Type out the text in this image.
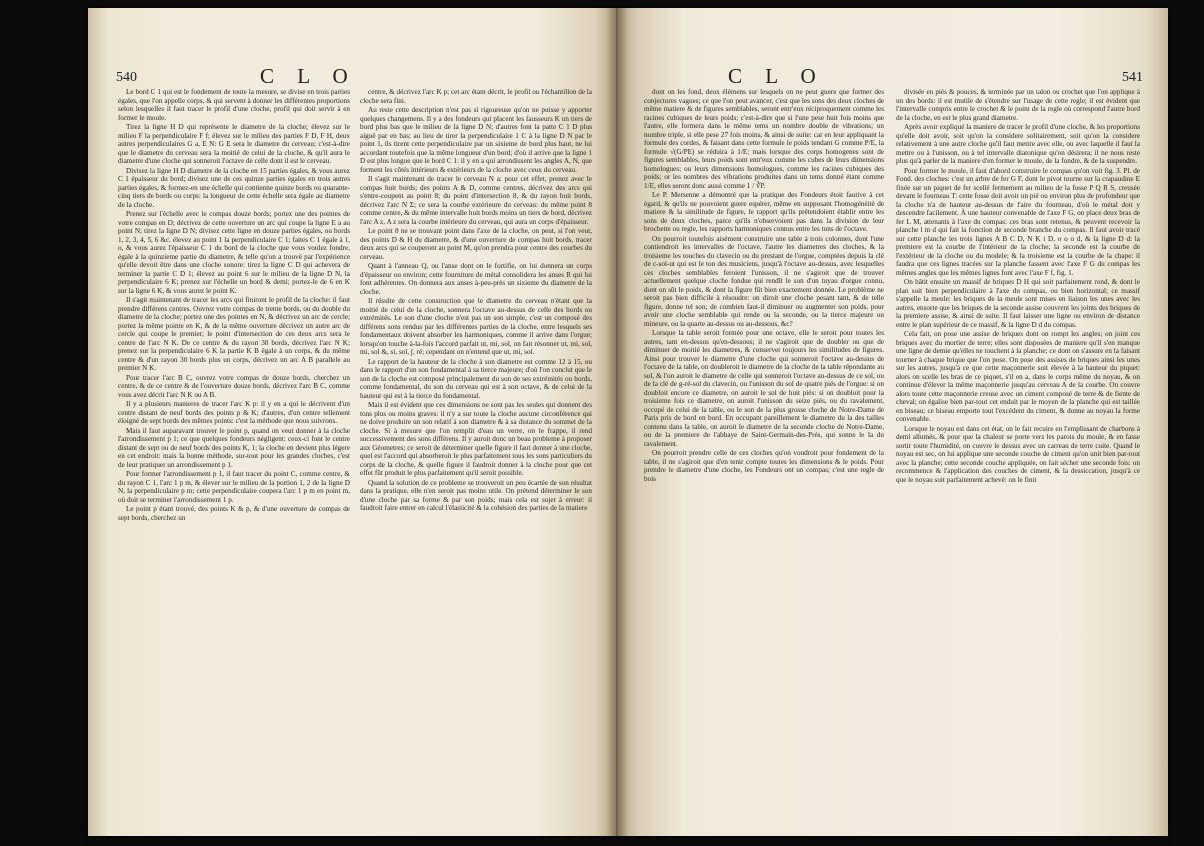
540	C L O

Le bord C 1 qui est le fondement de toute la mesure, se divise en trois parties égales, que l'on appelle corps, & qui servent à donner les différentes proportions selon lesquelles il faut tracer le profil d'une cloche, profil qui doit servir à en former le moule.

Tirez la ligne H D qui représente le diametre de la cloche; élevez sur le milieu F la perpendiculaire F f; élevez sur le milieu des parties F D, F H, deux autres perpendiculaires G a, E N: G E sera le diametre du cerveau; c'est-à-dire que le diametre du cerveau sera la moitié de celui de la cloche, & qu'il aura le diametre d'une cloche qui sonneroit l'octave de celle dont il est le cerveau.

Divisez la ligne H D diametre de la cloche en 15 parties égales, & vous aurez C 1 épaisseur du bord; divisez une de ces quinze parties égales en trois autres parties égales, & formez-en une échelle qui contienne quinze bords ou quarante-cinq tiers de bords ou corps: la longueur de cette échelle sera égale au diametre de la cloche.

Prenez sur l'échelle avec le compas douze bords; portez une des pointes de votre compas en D; décrivez de cette ouverture un arc qui coupe la ligne E a au point N; tirez la ligne D N; divisez cette ligne en douze parties égales, ou bords 1, 2, 3, 4, 5, 6 &c. élevez au point 1 la perpendiculaire C 1; faites C 1 égale à 1, o, & vous aurez l'épaisseur C 1 du bord de la cloche que vous voulez fondre, égale à la quinzieme partie du diametre, & telle qu'on a trouvé par l'expérience qu'elle devoit être dans une cloche sonore: tirez la ligne C D qui achevera de terminer la partie C D 1; élevez au point 6 sur le milieu de la ligne D N, la perpendiculaire 6 K; prenez sur l'échelle un bord & demi; portez-le de 6 en K sur la ligne 6 K, & vous aurez le point K.

Il s'agit maintenant de tracer les arcs qui finiront le profil de la cloche: il faut prendre différens centres. Ouvrez votre compas de trente bords, ou du double du diametre de la cloche; portez une des pointes en N, & décrivez un arc de cercle; portez la même pointe en K, & de la même ouverture décrivez un autre arc de cercle qui coupe le premier; le point d'intersection de ces deux arcs sera le centre de l'arc N K. De ce centre & du rayon 30 bords, décrivez l'arc N K; prenez sur la perpendiculaire 6 K la partie K B égale à un corps, & du même centre & d'un rayon 30 bords plus un corps, décrivez un arc A B parallele au premier N K.

Pour tracer l'arc B C, ouvrez votre compas de douze bords, cherchez un centre, & de ce centre & de l'ouverture douze bords, décrivez l'arc B C, comme vous avez décrit l'arc N K ou A B.

Il y a plusieurs manieres de tracer l'arc K p: il y en a qui le décrivent d'un centre distant de neuf bords des points p & K; d'autres, d'un centre tellement éloigné de sept bords des mêmes points: c'est la méthode que nous suivrons.

Mais il faut auparavant trouver le point p, quand on veut donner à la cloche l'arrondissement p 1; ce que quelques fondeurs négligent: ceux-ci font le centre distant de sept ou de neuf bords des points K, 1; la cloche en devient plus légere en cet endroit: mais la bonne méthode, sur-tout pour les grandes cloches, c'est de leur pratiquer un arrondissement p 1.

Pour former l'arrondissement p 1, il faut tracer du point C, comme centre, & du rayon C 1, l'arc 1 p m, & élever sur le milieu de la portion 1, 2 de la ligne D N, la perpendiculaire p m; cette perpendiculaire coupera l'arc 1 p m en point m, où doit se terminer l'arrondissement 1 p.

Le point p étant trouvé, des points K & p, & d'une ouverture de compas de sept bords, cherchez un

centre, & décrivez l'arc K p; cet arc étant décrit, le profil ou l'échantillon de la cloche sera fini.

Au reste cette description n'est pas si rigoureuse qu'on ne puisse y apporter quelques changemens. Il y a des fondeurs qui placent les fausseurs K un tiers de bord plus bas que le milieu de la ligne D N; d'autres font la patte C 1 D plus aiguë par en bas; au lieu de tirer la perpendiculaire 1 C à la ligne D N par le point 1, ils tirent cette perpendiculaire par un sixieme de bord plus haut, ne lui accordant toutefois que la même longueur d'un bord; d'où il arrive que la ligne 1 D est plus longue que le bord C 1: il y en a qui arrondissent les angles A, N, que forment les côtés intérieurs & extérieurs de la cloche avec ceux du cerveau.

Il s'agit maintenant de tracer le cerveau N a: pour cet effet, prenez avec le compas huit bords; des points A & D, comme centres, décrivez des arcs qui s'entre-coupent au point 8; du point d'intersection 8, & du rayon huit bords, décrivez l'arc N Σ; ce sera la courbe extérieure du cerveau: du même point 8 comme centre, & du même intervalle huit bords moins un tiers de bord, décrivez l'arc A z, A z sera la courbe intérieure du cerveau, qui aura un corps d'épaisseur.

Le point 8 ne se trouvant point dans l'axe de la cloche, on peut, si l'on veut, des points D & H du diametre, & d'une ouverture de compas huit bords, tracer deux arcs qui se couperont au point M, qu'on prendra pour centre des courbes du cerveau.

Quant à l'anneau Q, ou l'anse dont on le fortifie, on lui donnera un corps d'épaisseur ou environ; cette fourniture de métal consolidera les anses R qui lui font adhérentes. On donnera aux anses à-peu-près un sixieme du diametre de la cloche.

Il résulte de cette construction que le diametre du cerveau n'étant que la moitié de celui de la cloche, sonnera l'octave au-dessus de celle des bords ou extrémités. Le son d'une cloche n'est pas un son simple, c'est un composé des différens sons rendus par les différentes parties de la cloche, entre lesquels ses fondamentaux doivent absorber les harmoniques, comme il arrive dans l'orgue; lorsqu'on touche à-la-fois l'accord parfait ut, mi, sol, on fait résonner ut, mi, sol, mi, sol &, si, sol, ∫, ré; cependant on n'entend que ut, mi, sol.

Le rapport de la hauteur de la cloche à son diametre est comme 12 à 15, ou dans le rapport d'un son fondamental à sa tierce majeure; d'où l'on conclut que le son de la cloche est composé principalement du son de ses extrémités ou bords, comme fondamental, du son du cerveau qui est à son octave, & de celui de la hauteur qui est à la tierce du fondamental.

Mais il est évident que ces dimensions ne sont pas les seules qui donnent des tons plus ou moins graves: il n'y a sur toute la cloche aucune circonférence qui ne doive produire un son relatif à son diametre & à sa distance du sommet de la cloche. Si à mesure que l'on remplit d'eau un verre, on le frappe, il rend successivement des sons différens. Il y auroit donc un beau probleme à proposer aux Géometres; ce seroit de déterminer quelle figure il faut donner à une cloche, quel est l'accord qui absorberoit le plus parfaitement tous les sons particuliers du corps de la cloche, & quelle figure il faudroit donner à la cloche pour que cet effet fût produit le plus parfaitement qu'il seroit possible.

Quand la solution de ce probleme se trouveroit un peu écartée de son résultat dans la pratique, elle n'en seroit pas moins utile. On prétend déterminer le son d'une cloche par sa forme & par son poids; mais cela est sujet à erreur: il faudroit faire entrer en calcul l'élasticité & la cohésion des parties de la matiere

C L O	541

dont on les fond, deux élémens sur lesquels on ne peut guere que former des conjectures vagues; ce que l'on peut avancer, c'est que les sons des deux cloches de même matiere & de figures semblables, seront entr'eux réciproquement comme les racines cubiques de leurs poids; c'est-à-dire que si l'une pese huit fois moins que l'autre, elle formera dans le même tems un nombre double de vibrations; un nombre triple, si elle pese 27 fois moins, & ainsi de suite: car en leur appliquant la formule des cordes, & faisant dans cette formule le poids tendant G comme P/E, la formule √(G/PE) se réduira à 1/E; mais lorsque des corps homogenes sont de figures semblables, leurs poids sont entr'eux comme les cubes de leurs dimensions homologues; ou leurs dimensions homologues, comme les racines cubiques des poids; or les nombres des vibrations produites dans un tems donné étant comme 1/E, elles seront donc aussi comme 1 / ∛P.

Le P. Mersenne a démontré que la pratique des Fondeurs étoit fautive à cet égard, & qu'ils ne pouvoient guere espérer, même en supposant l'homogénéité de matiere & la similitude de figure, le rapport qu'ils prétendoient établir entre les sons de deux cloches, parce qu'ils n'observoient pas dans la division de leur brochette ou regle, les rapports harmoniques connus entre les tons de l'octave.

On pourroit toutefois aisément construire une table à trois colonnes, dont l'une contiendroit les intervalles de l'octave, l'autre les diametres des cloches, & la troisieme les touches du clavecin ou du prestant de l'orgue, comptées depuis la clé de c-sol-ut qui est le ton des musiciens, jusqu'à l'octave au-dessus, avec lesquelles ces cloches semblables feroient l'unisson, il ne s'agiroit que de trouver actuellement quelque cloche fondue qui rendît le son d'un tuyau d'orgue connu, dont on sût le poids, & dont la figure fût bien exactement donnée. Le problème ne seroit pas bien difficile à résoudre: on diroit une cloche pesant tant, & de telle figure, donne tel son; de combien faut-il diminuer ou augmenter son poids, pour avoir une cloche semblable qui rende ou la seconde, ou la tierce majeure ou mineure, ou la quarte au-dessus ou au-dessous, &c?

Lorsque la table seroit formée pour une octave, elle le seroit pour toutes les autres, tant en-dessus qu'en-dessous; il ne s'agiroit que de doubler ou que de diminuer de moitié les diametres, & conserver toujours les similitudes de figures. Ainsi pour trouver le diametre d'une cloche qui sonneroit l'octave au-dessus de l'octave de la table, on doubleroit le diametre de la cloche de la table répondante au sol, & l'on auroit le diametre de celle qui sonneroit l'octave au-dessus de ce sol, ou de la clé de g-ré-sol du clavecin, ou l'unisson du sol de quatre piés de l'orgue: si on doubloit encore ce diametre, on auroit le sol de huit piés: si on doubloit pour la troisieme fois ce diametre, on auroit l'unisson du seize piés, ou du ravalement, occupé de celui de la table, ou le son de la plus grosse cloche de Notre-Dame de Paris pris de bord en bord. En occupant pareillement le diametre du la des tailles contenu dans la table, on auroit le diametre de la seconde cloche de Notre-Dame, ou de la premiere de l'abbaye de Saint-Germain-des-Prés, qui sonne le la du ravalement.

On pourroit prendre celle de ces cloches qu'on voudroit pour fondement de la table, il ne s'agiroit que d'en tenir compte toutes les dimensions & le poids. Pour prendre le diametre d'une cloche, les Fondeurs ont un compas; c'est une regle de bois

divisée en piés & pouces, & terminée par un talon ou crochet que l'on applique à un des bords: il est inutile de s'étendre sur l'usage de cette regle; il est évident que l'intervalle compris entre le crochet & le point de la regle où correspond l'autre bord de la cloche, en est le plus grand diametre.

Après avoir expliqué la maniere de tracer le profil d'une cloche, & les proportions qu'elle doit avoir, soit qu'on la considere solitairement, soit qu'on la considere relativement à une autre cloche qu'il faut mettre avec elle, ou avec laquelle il faut la mettre ou à l'unisson, ou à tel intervalle diatonique qu'on désirera; il ne nous reste plus qu'à parler de la maniere d'en former le moule, de la fondre, & de la suspendre.

Pour former le moule, il faut d'abord construire le compas qu'on voit fig. 3. Pl. de Fond. des cloches: c'est un arbre de fer G F, dont le pivot tourne sur la crapaudine E fixée sur un piquet de fer scellé fermement au milieu de la fosse P Q R S, creusée devant le fourneau T: cette fosse doit avoir un pié ou environ plus de profondeur que la cloche n'a de hauteur au-dessus de l'aire du fourneau, d'où le métal doit y descendre facilement. À une hauteur convenable de l'axe F G, on place deux bras de fer L M, attenants à l'axe du compas: ces bras sont retenus, & peuvent recevoir la planche l m d qui fait la fonction de seconde branche du compas. Il faut avoir tracé sur cette planche les trois lignes A B C D, N K i D, o o o d, & la ligne D d: la premiere est la courbe de l'intérieur de la cloche; la seconde est la courbe de l'extérieur de la cloche ou du modele; & la troisieme est la courbe de la chape: il faudra que ces lignes tracées sur la planche fassent avec l'axe F G du compas les mêmes angles que les mêmes lignes font avec l'axe F f, fig. 1.

On bâtit ensuite un massif de briques D H qui soit parfaitement rond, & dont le plan soit bien perpendiculaire à l'axe du compas, ou bien horizontal; ce massif s'appelle la meule: les briques de la meule sont mises en liaison les unes avec les autres, ensorte que les briques de la seconde assise couvrent les joints des briques de la premiere assise, & ainsi de suite. Il faut laisser une ligne ou environ de distance entre le plan supérieur de ce massif, & la ligne D d du compas.

Cela fait, on pose une assise de briques dont on rompt les angles; on joint ces briques avec du mortier de terre; elles sont disposées de maniere qu'il s'en manque une ligne de demie qu'elles ne touchent à la planche; ce dont on s'assure en la faisant tourner à chaque brique que l'on pose. On pose des assises de briques ainsi les unes sur les autres, jusqu'à ce que cette maçonnerie soit élevée à la hauteur du piquet: alors on scelle les bras de ce piquet, s'il en a, dans le corps même du noyau, & on continue d'élever la même maçonnerie jusqu'au cerveau A de la courbe. On couvre alors toute cette maçonnerie creuse avec un ciment composé de terre & de fiente de cheval; on égalise bien par-tout cet enduit par le moyen de la planche qui est taillée en biseau; ce biseau emporte tout l'excédent du ciment, & donne au noyau la forme convenable.

Lorsque le noyau est dans cet état, on le fait recuire en l'emplissant de charbons à demi allumés, & pour que la chaleur se porte vers les parois du moule, & en fasse sortir toute l'humidité, on couvre le dessus avec un carreau de terre cuite. Quand le noyau est sec, on lui applique une seconde couche de ciment qu'on unit bien par-tout avec la planche; cette seconde couche appliquée, on fait sécher une seconde fois: on recommence & l'application des couches de ciment, & la dessiccation, jusqu'à ce que le noyau soit parfaitement achevé: on le finit
